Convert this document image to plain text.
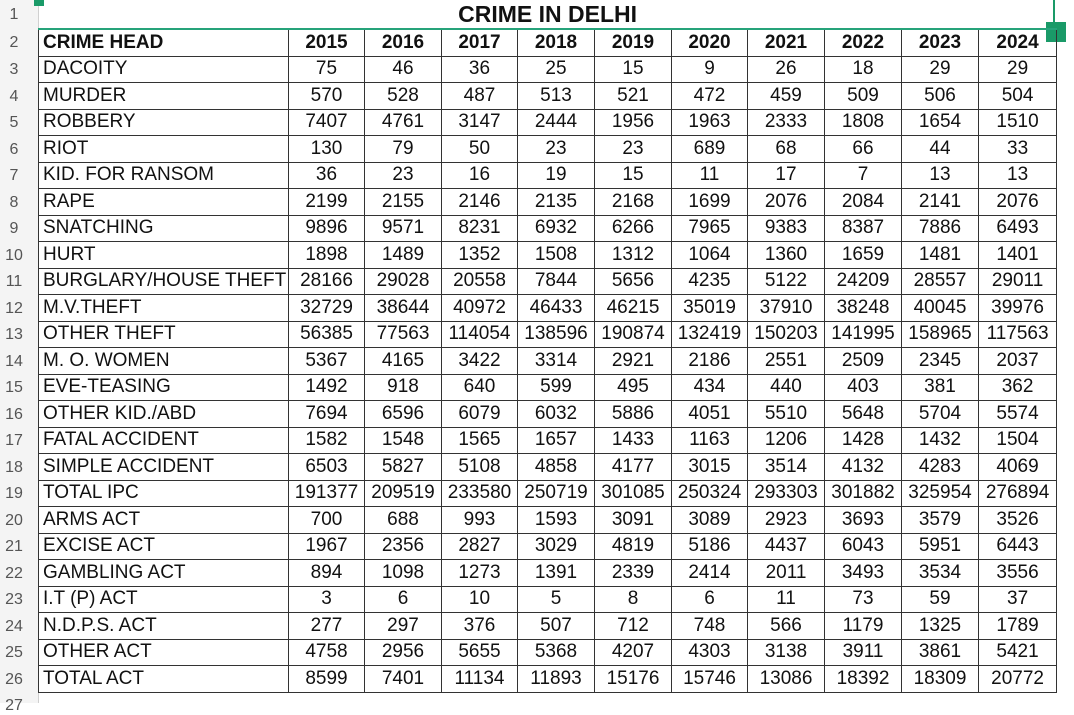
1
2
3
4
5
6
7
8
9
10
11
12
13
14
15
16
17
18
19
20
21
22
23
24
25
26
27
CRIME IN DELHI										
CRIME HEAD	2015	2016	2017	2018	2019	2020	2021	2022	2023	2024
DACOITY	75	46	36	25	15	9	26	18	29	29
MURDER	570	528	487	513	521	472	459	509	506	504
ROBBERY	7407	4761	3147	2444	1956	1963	2333	1808	1654	1510
RIOT	130	79	50	23	23	689	68	66	44	33
KID. FOR RANSOM	36	23	16	19	15	11	17	7	13	13
RAPE	2199	2155	2146	2135	2168	1699	2076	2084	2141	2076
SNATCHING	9896	9571	8231	6932	6266	7965	9383	8387	7886	6493
HURT	1898	1489	1352	1508	1312	1064	1360	1659	1481	1401
BURGLARY/HOUSE THEFT	28166	29028	20558	7844	5656	4235	5122	24209	28557	29011
M.V.THEFT	32729	38644	40972	46433	46215	35019	37910	38248	40045	39976
OTHER THEFT	56385	77563	114054	138596	190874	132419	150203	141995	158965	117563
M. O. WOMEN	5367	4165	3422	3314	2921	2186	2551	2509	2345	2037
EVE-TEASING	1492	918	640	599	495	434	440	403	381	362
OTHER KID./ABD	7694	6596	6079	6032	5886	4051	5510	5648	5704	5574
FATAL ACCIDENT	1582	1548	1565	1657	1433	1163	1206	1428	1432	1504
SIMPLE ACCIDENT	6503	5827	5108	4858	4177	3015	3514	4132	4283	4069
TOTAL IPC	191377	209519	233580	250719	301085	250324	293303	301882	325954	276894
ARMS ACT	700	688	993	1593	3091	3089	2923	3693	3579	3526
EXCISE ACT	1967	2356	2827	3029	4819	5186	4437	6043	5951	6443
GAMBLING ACT	894	1098	1273	1391	2339	2414	2011	3493	3534	3556
I.T (P) ACT	3	6	10	5	8	6	11	73	59	37
N.D.P.S. ACT	277	297	376	507	712	748	566	1179	1325	1789
OTHER ACT	4758	2956	5655	5368	4207	4303	3138	3911	3861	5421
TOTAL ACT	8599	7401	11134	11893	15176	15746	13086	18392	18309	20772
